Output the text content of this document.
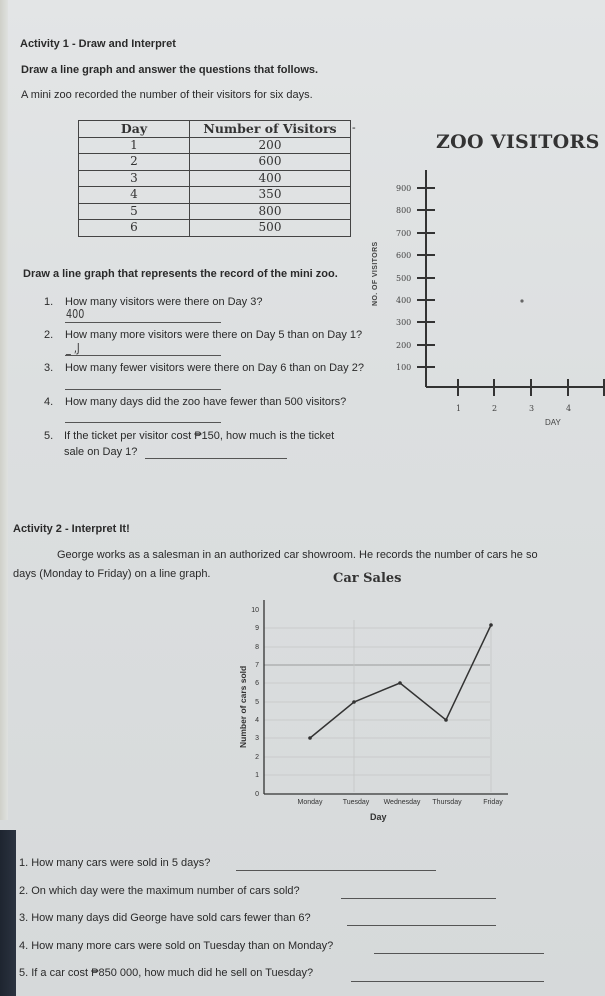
Activity 1 - Draw and Interpret
Draw a line graph and answer the questions that follows.
A mini zoo recorded the number of their visitors for six days.
Day	Number of Visitors
1	200
2	600
3	400
4	350
5	800
6	500
-
ZOO VISITORS
900
800
700
600
500
400
300
200
100
1	2	3	4
NO. OF VISITORS
DAY
Draw a line graph that represents the record of the mini zoo.
1. How many visitors were there on Day 3?
400
2. How many more visitors were there on Day 5 than on Day 1?
_ ,J
3. How many fewer visitors were there on Day 6 than on Day 2?
4. How many days did the zoo have fewer than 500 visitors?
5. If the ticket per visitor cost ₱150, how much is the ticket
sale on Day 1?
Activity 2 - Interpret It!
George works as a salesman in an authorized car showroom. He records the number of cars he so
days (Monday to Friday) on a line graph.	Car Sales
10
9
8
7
6
5
4
3
2
1
0
Monday	Tuesday Wednesday Thursday	Friday
Number of cars sold
Day
1. How many cars were sold in 5 days?
2. On which day were the maximum number of cars sold?
3. How many days did George have sold cars fewer than 6?
4. How many more cars were sold on Tuesday than on Monday?
5. If a car cost ₱850 000, how much did he sell on Tuesday?
